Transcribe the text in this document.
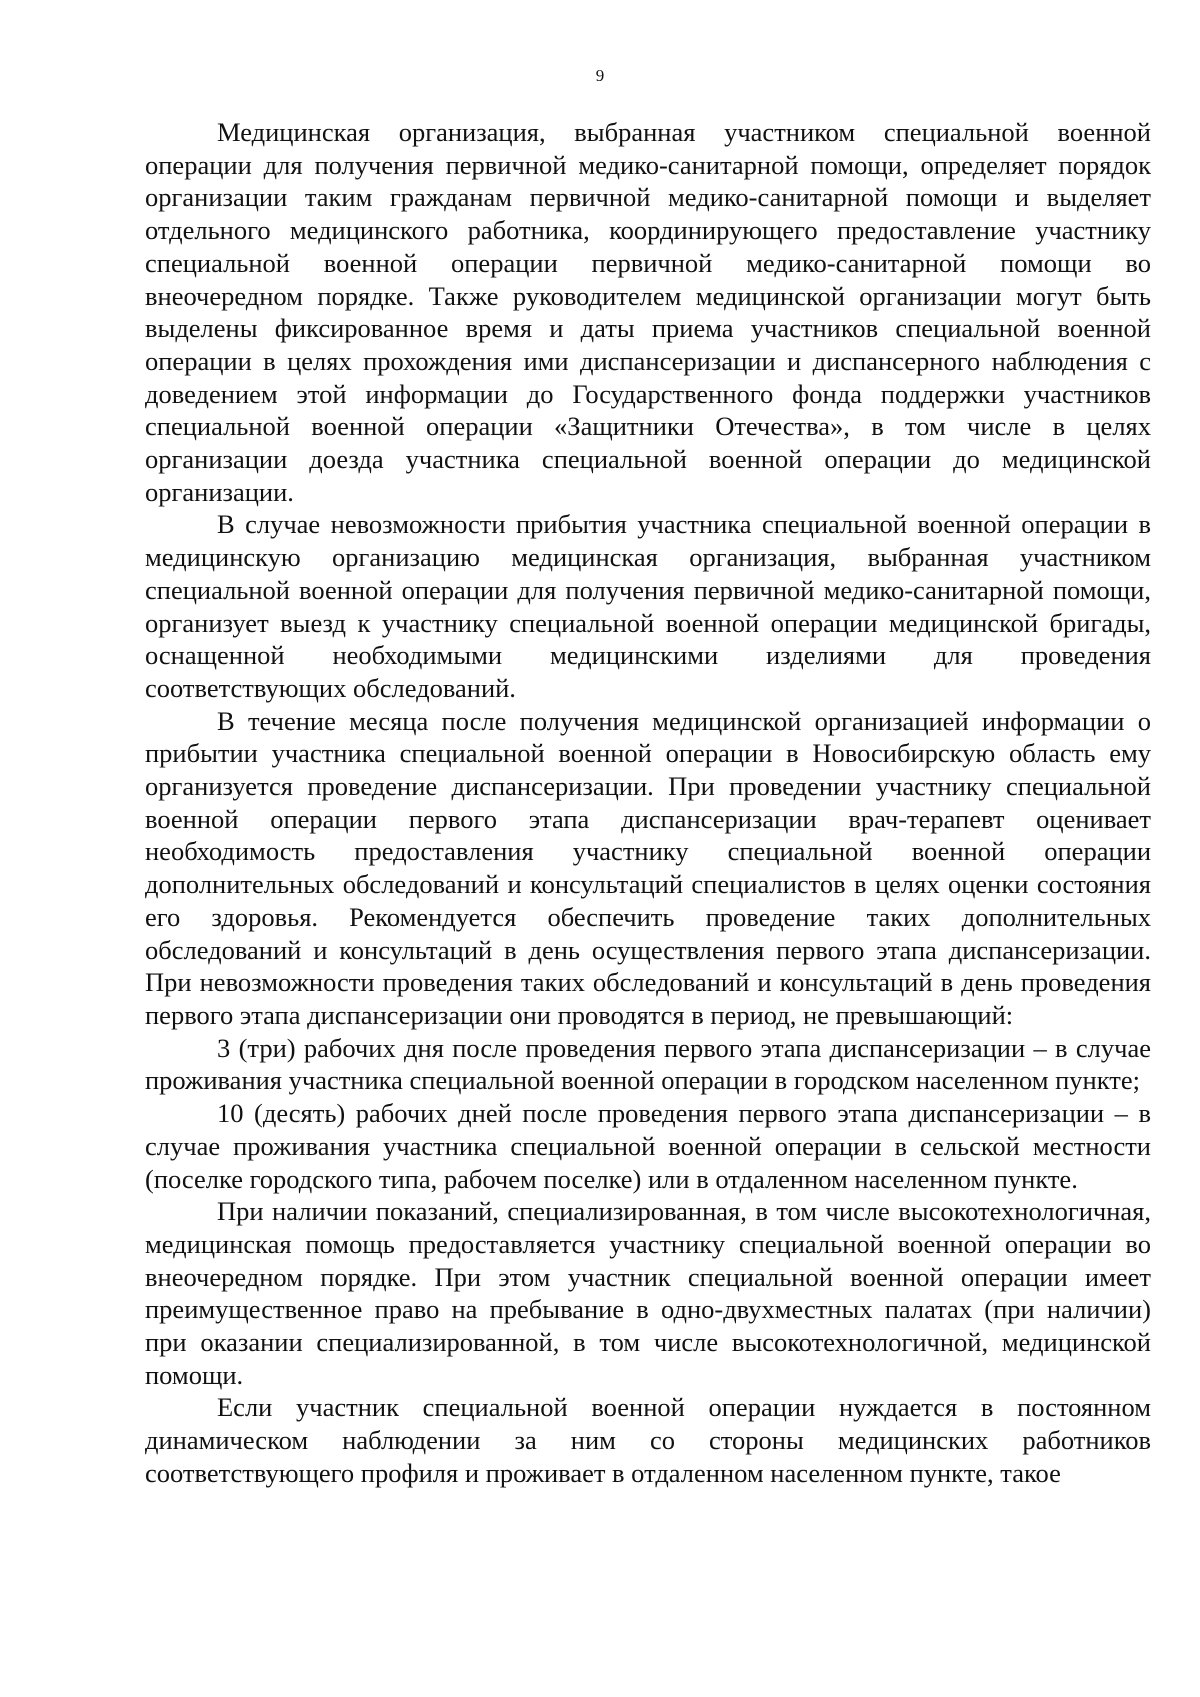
9

Медицинская организация, выбранная участником специальной военной операции для получения первичной медико-санитарной помощи, определяет порядок организации таким гражданам первичной медико-санитарной помощи и выделяет отдельного медицинского работника, координирующего предоставление участнику специальной военной операции первичной медико-санитарной помощи во внеочередном порядке. Также руководителем медицинской организации могут быть выделены фиксированное время и даты приема участников специальной военной операции в целях прохождения ими диспансеризации и диспансерного наблюдения с доведением этой информации до Государственного фонда поддержки участников специальной военной операции «Защитники Отечества», в том числе в целях организации доезда участника специальной военной операции до медицинской организации.

В случае невозможности прибытия участника специальной военной операции в медицинскую организацию медицинская организация, выбранная участником специальной военной операции для получения первичной медико-санитарной помощи, организует выезд к участнику специальной военной операции медицинской бригады, оснащенной необходимыми медицинскими изделиями для проведения соответствующих обследований.

В течение месяца после получения медицинской организацией информации о прибытии участника специальной военной операции в Новосибирскую область ему организуется проведение диспансеризации. При проведении участнику специальной военной операции первого этапа диспансеризации врач-терапевт оценивает необходимость предоставления участнику специальной военной операции дополнительных обследований и консультаций специалистов в целях оценки состояния его здоровья. Рекомендуется обеспечить проведение таких дополнительных обследований и консультаций в день осуществления первого этапа диспансеризации. При невозможности проведения таких обследований и консультаций в день проведения первого этапа диспансеризации они проводятся в период, не превышающий:

3 (три) рабочих дня после проведения первого этапа диспансеризации – в случае проживания участника специальной военной операции в городском населенном пункте;

10 (десять) рабочих дней после проведения первого этапа диспансеризации – в случае проживания участника специальной военной операции в сельской местности (поселке городского типа, рабочем поселке) или в отдаленном населенном пункте.

При наличии показаний, специализированная, в том числе высокотехнологичная, медицинская помощь предоставляется участнику специальной военной операции во внеочередном порядке. При этом участник специальной военной операции имеет преимущественное право на пребывание в одно-двухместных палатах (при наличии) при оказании специализированной, в том числе высокотехнологичной, медицинской помощи.

Если участник специальной военной операции нуждается в постоянном динамическом наблюдении за ним со стороны медицинских работников соответствующего профиля и проживает в отдаленном населенном пункте, такое
